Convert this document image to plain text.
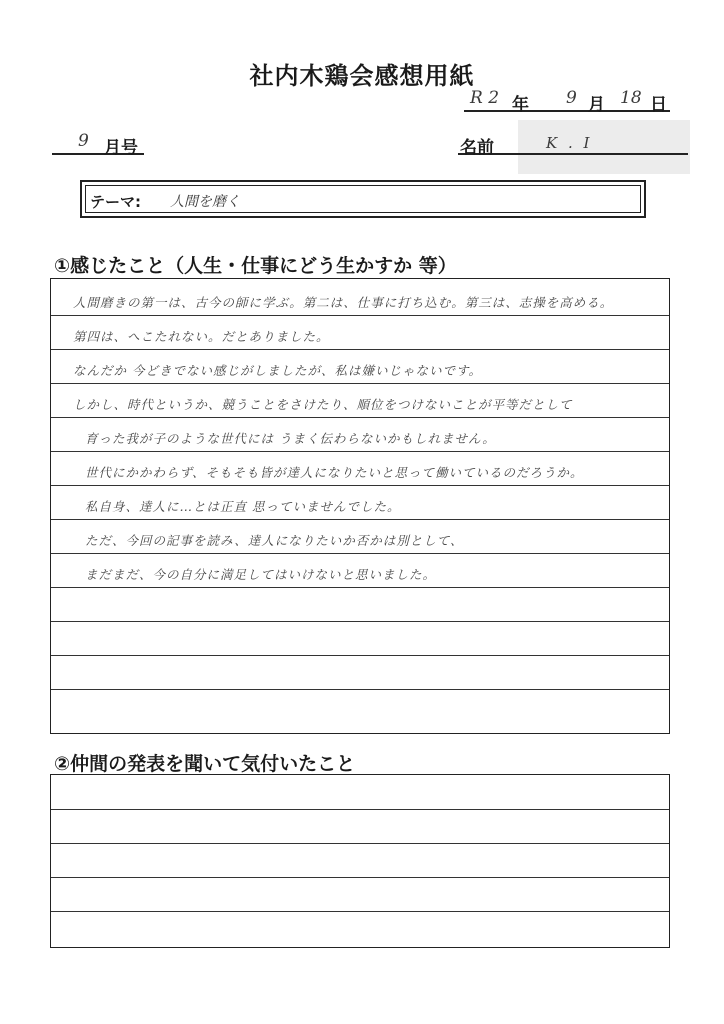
社内木鶏会感想用紙
R 2 年 9 月 18 日
9 月号	名前	K . I
テーマ: 人間を磨く
①感じたこと（人生・仕事にどう生かすか 等）
人間磨きの第一は、古今の師に学ぶ。第二は、仕事に打ち込む。第三は、志操を高める。
第四は、へこたれない。だとありました。
なんだか 今どきでない感じがしましたが、私は嫌いじゃないです。
しかし、時代というか、競うことをさけたり、順位をつけないことが平等だとして
育った我が子のような世代には うまく伝わらないかもしれません。
世代にかかわらず、そもそも皆が達人になりたいと思って働いているのだろうか。
私自身、達人に…とは正直 思っていませんでした。
ただ、今回の記事を読み、達人になりたいか否かは別として、
まだまだ、今の自分に満足してはいけないと思いました。
②仲間の発表を聞いて気付いたこと
